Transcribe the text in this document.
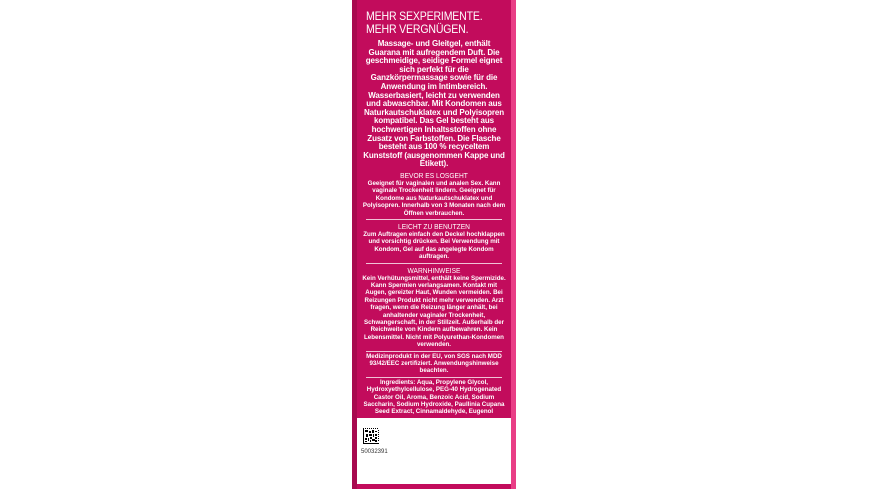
MEHR SEXPERIMENTE.
MEHR VERGNÜGEN.
Massage- und Gleitgel, enthält Guarana mit aufregendem Duft. Die geschmeidige, seidige Formel eignet sich perfekt für die Ganzkörpermassage sowie für die Anwendung im Intimbereich. Wasserbasiert, leicht zu verwenden und abwaschbar. Mit Kondomen aus Naturkautschuklatex und Polyisopren kompatibel. Das Gel besteht aus hochwertigen Inhaltsstoffen ohne Zusatz von Farbstoffen. Die Flasche besteht aus 100 % recyceltem Kunststoff (ausgenommen Kappe und Etikett).
BEVOR ES LOSGEHT
Geeignet für vaginalen und analen Sex. Kann vaginale Trockenheit lindern. Geeignet für Kondome aus Naturkautschuklatex und Polyisopren. Innerhalb von 3 Monaten nach dem Öffnen verbrauchen.
LEICHT ZU BENUTZEN
Zum Auftragen einfach den Deckel hochklappen und vorsichtig drücken. Bei Verwendung mit Kondom, Gel auf das angelegte Kondom auftragen.
WARNHINWEISE
Kein Verhütungsmittel, enthält keine Spermizide. Kann Spermien verlangsamen. Kontakt mit Augen, gereizter Haut, Wunden vermeiden. Bei Reizungen Produkt nicht mehr verwenden. Arzt fragen, wenn die Reizung länger anhält, bei anhaltender vaginaler Trockenheit, Schwangerschaft, in der Stillzeit. Außerhalb der Reichweite von Kindern aufbewahren. Kein Lebensmittel. Nicht mit Polyurethan-Kondomen verwenden.
Medizinprodukt in der EU, von SGS nach MDD 93/42/EEC zertifiziert. Anwendungshinweise beachten.
Ingredients: Aqua, Propylene Glycol, Hydroxyethylcellulose, PEG-40 Hydrogenated Castor Oil, Aroma, Benzoic Acid, Sodium Saccharin, Sodium Hydroxide, Paullinia Cupana Seed Extract, Cinnamaldehyde, Eugenol
50032391
